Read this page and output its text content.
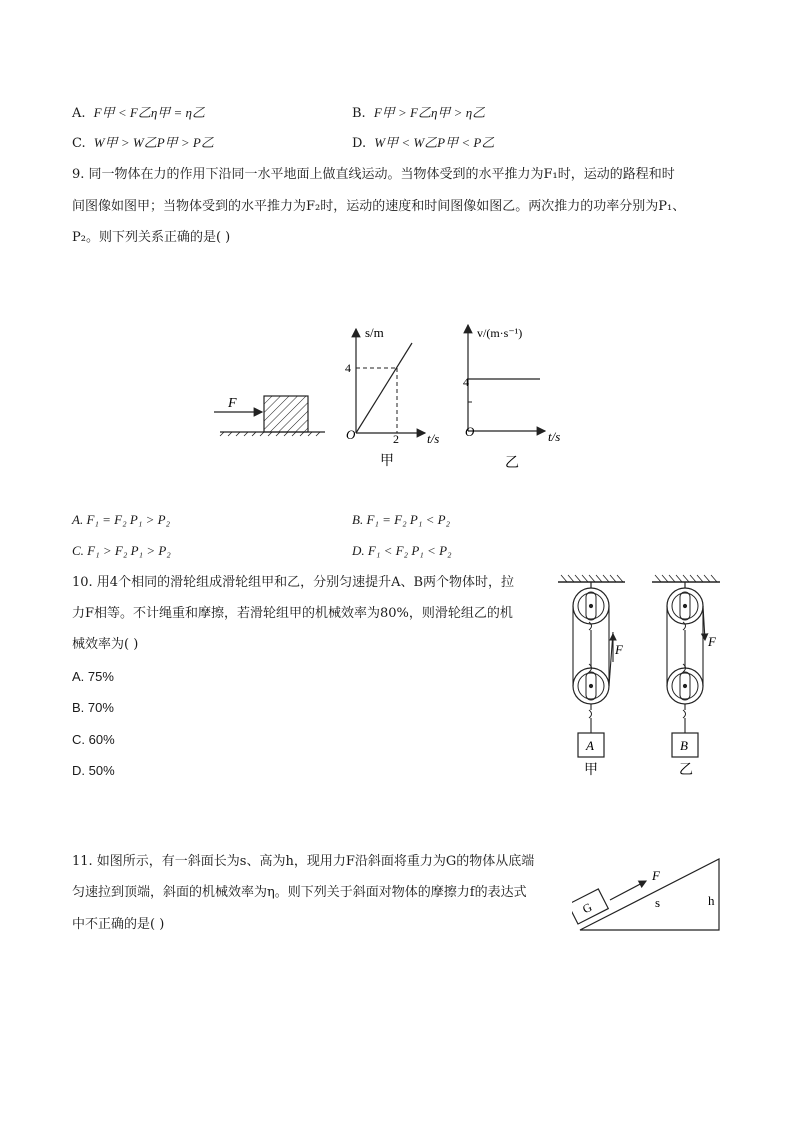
A. F甲 < F乙η甲 = η乙	B. F甲 > F乙η甲 > η乙
C. W甲 > W乙P甲 > P乙	D. W甲 < W乙P甲 < P乙
9. 同一物体在力的作用下沿同一水平地面上做直线运动。当物体受到的水平推力为F₁时，运动的路程和时
间图像如图甲；当物体受到的水平推力为F₂时，运动的速度和时间图像如图乙。两次推力的功率分别为P₁、
P₂。则下列关系正确的是( )
F
s/m
t/s
O
4
2
甲
v/(m·s⁻¹)
t/s
O
4
乙
A. F₁ = F₂ P₁ > P₂	B. F₁ = F₂ P₁ < P₂
C. F₁ > F₂ P₁ > P₂	D. F₁ < F₂ P₁ < P₂
10. 用4个相同的滑轮组成滑轮组甲和乙，分别匀速提升A、B两个物体时，拉
力F相等。不计绳重和摩擦，若滑轮组甲的机械效率为80%，则滑轮组乙的机
械效率为( )
A. 75%
B. 70%
C. 60%
D. 50%
F
A
甲
F
B
乙
11. 如图所示，有一斜面长为s、高为h，现用力F沿斜面将重力为G的物体从底端
匀速拉到顶端，斜面的机械效率为η。则下列关于斜面对物体的摩擦力f的表达式
中不正确的是( )
G
F
s	h
